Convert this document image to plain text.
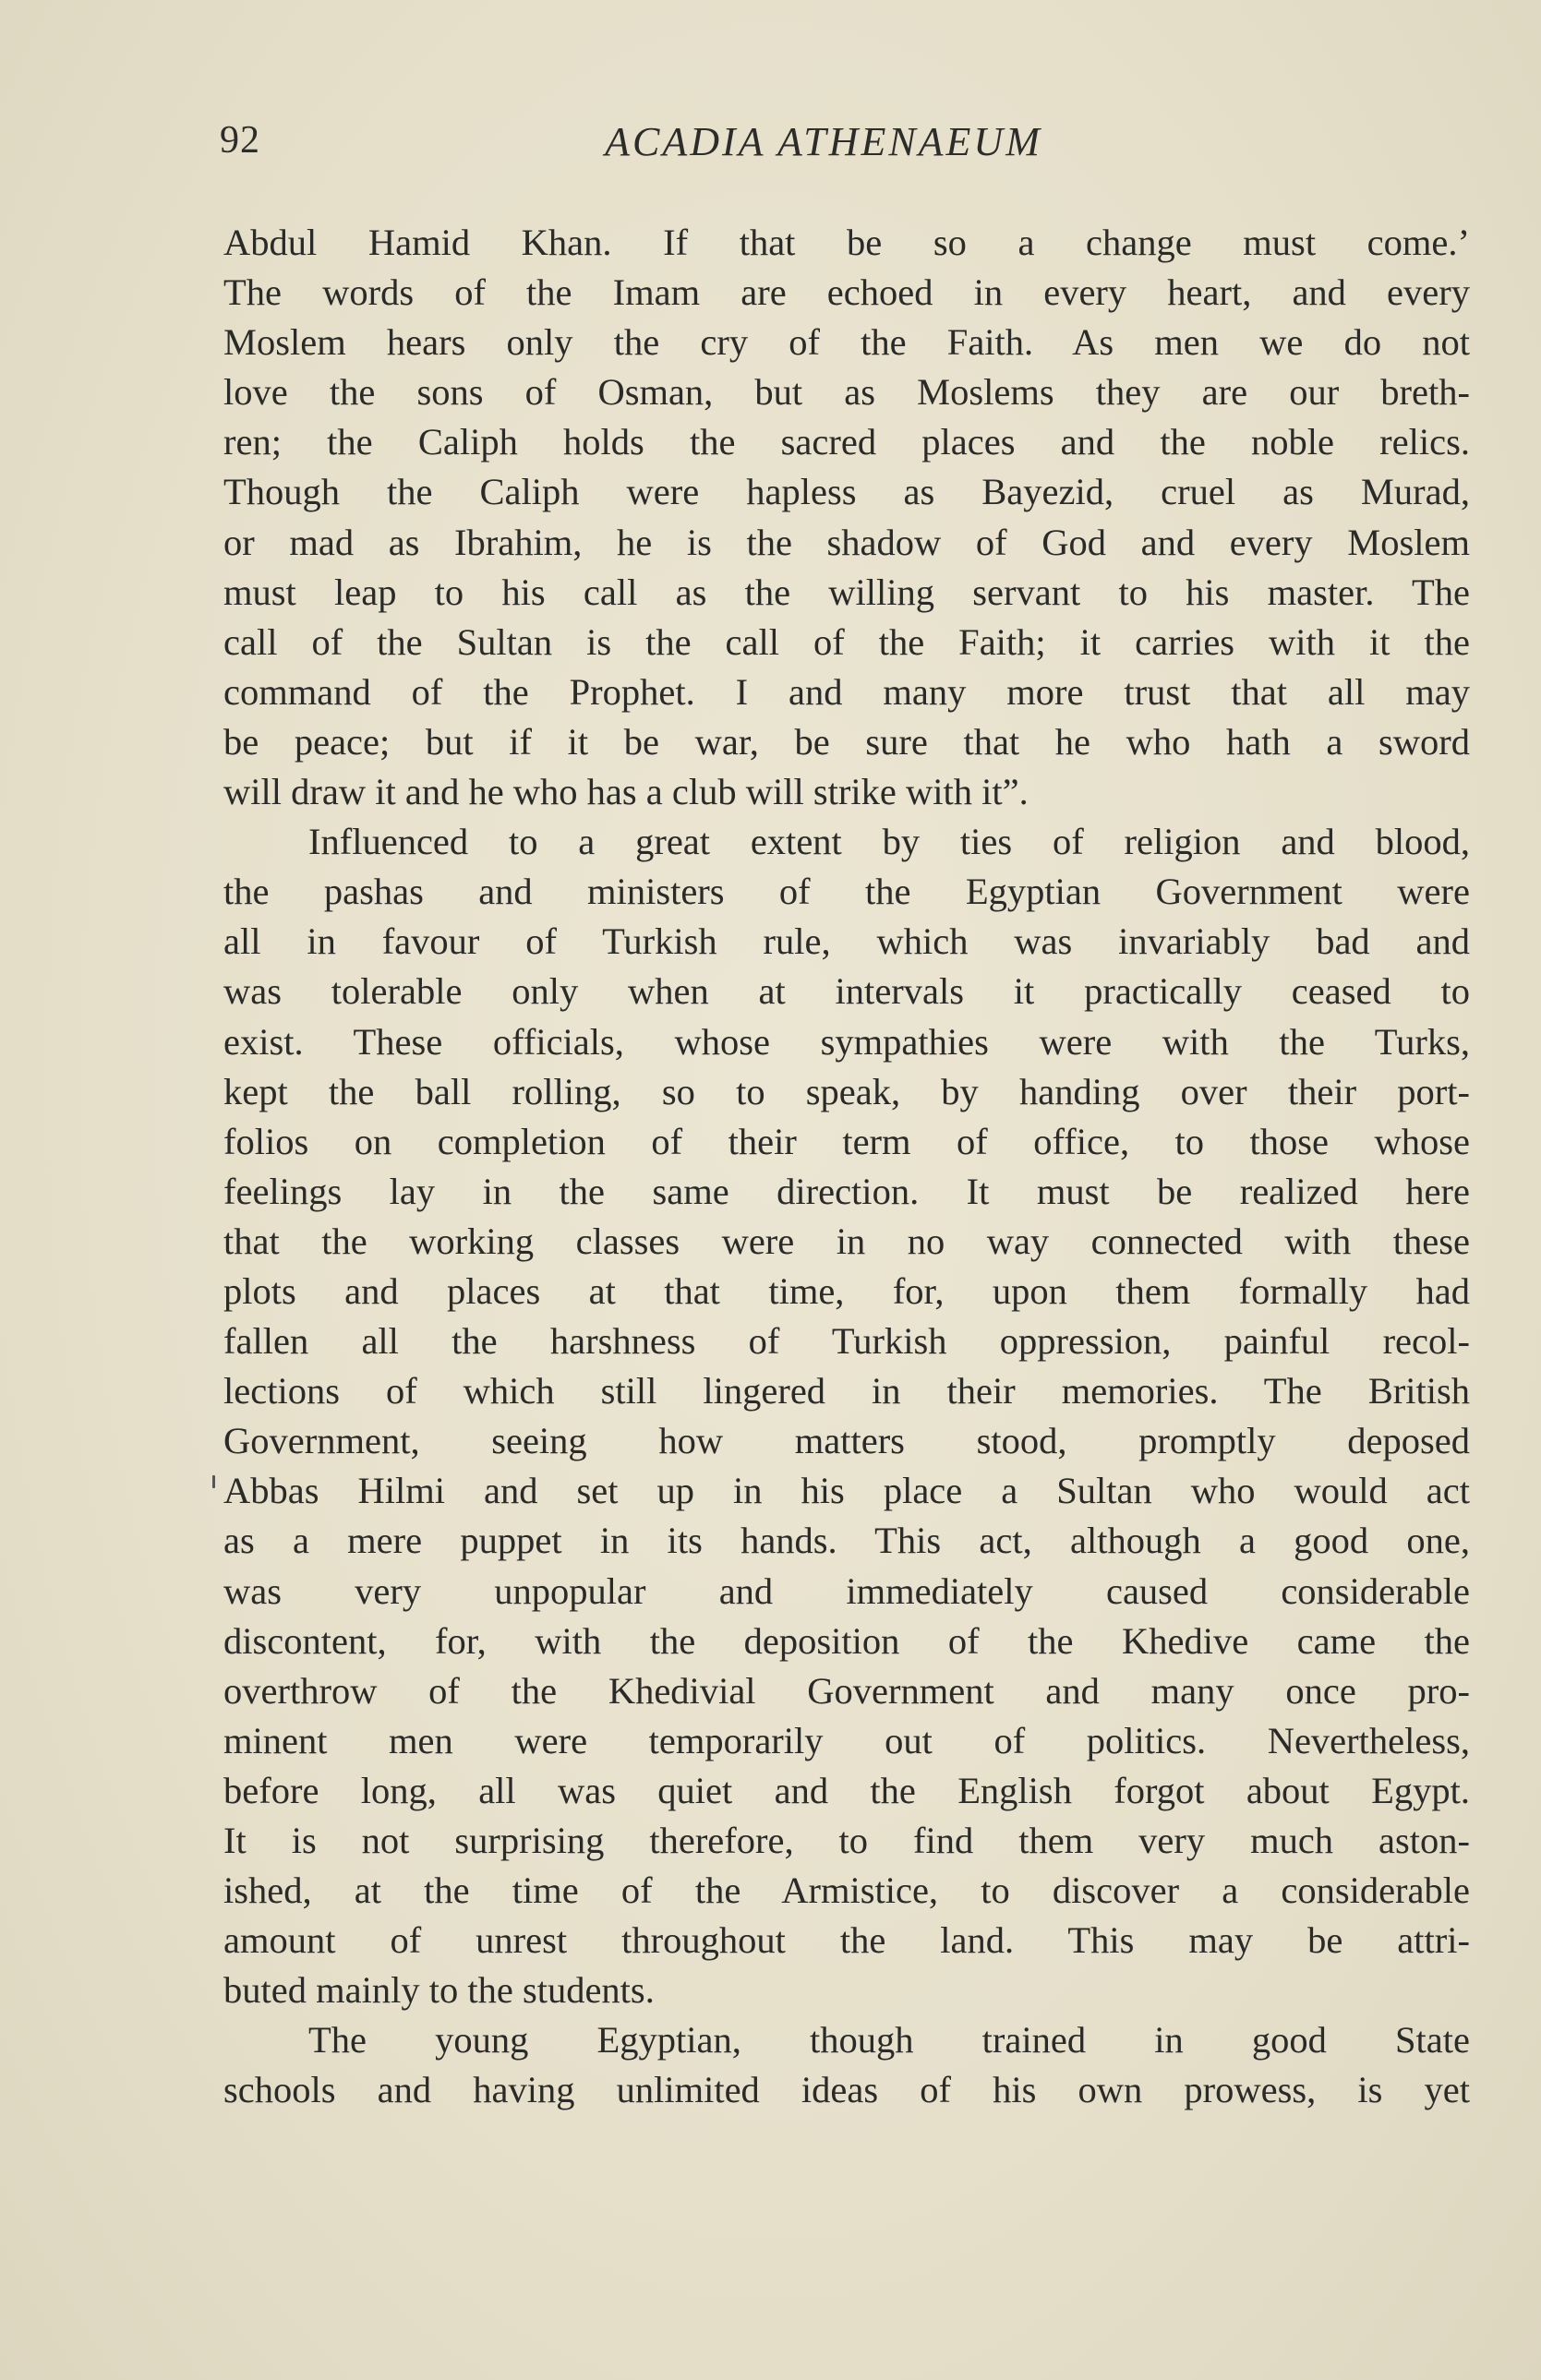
92	ACADIA ATHENAEUM
Abdul Hamid Khan. If that be so a change must come.’
The words of the Imam are echoed in every heart, and every
Moslem hears only the cry of the Faith. As men we do not
love the sons of Osman, but as Moslems they are our breth-
ren; the Caliph holds the sacred places and the noble relics.
Though the Caliph were hapless as Bayezid, cruel as Murad,
or mad as Ibrahim, he is the shadow of God and every Moslem
must leap to his call as the willing servant to his master. The
call of the Sultan is the call of the Faith; it carries with it the
command of the Prophet. I and many more trust that all may
be peace; but if it be war, be sure that he who hath a sword
will draw it and he who has a club will strike with it”.
Influenced to a great extent by ties of religion and blood,
the pashas and ministers of the Egyptian Government were
all in favour of Turkish rule, which was invariably bad and
was tolerable only when at intervals it practically ceased to
exist. These officials, whose sympathies were with the Turks,
kept the ball rolling, so to speak, by handing over their port-
folios on completion of their term of office, to those whose
feelings lay in the same direction. It must be realized here
that the working classes were in no way connected with these
plots and places at that time, for, upon them formally had
fallen all the harshness of Turkish oppression, painful recol-
lections of which still lingered in their memories. The British
Government, seeing how matters stood, promptly deposed
Abbas Hilmi and set up in his place a Sultan who would act
as a mere puppet in its hands. This act, although a good one,
was very unpopular and immediately caused considerable
discontent, for, with the deposition of the Khedive came the
overthrow of the Khedivial Government and many once pro-
minent men were temporarily out of politics. Nevertheless,
before long, all was quiet and the English forgot about Egypt.
It is not surprising therefore, to find them very much aston-
ished, at the time of the Armistice, to discover a considerable
amount of unrest throughout the land. This may be attri-
buted mainly to the students.
The young Egyptian, though trained in good State
schools and having unlimited ideas of his own prowess, is yet
